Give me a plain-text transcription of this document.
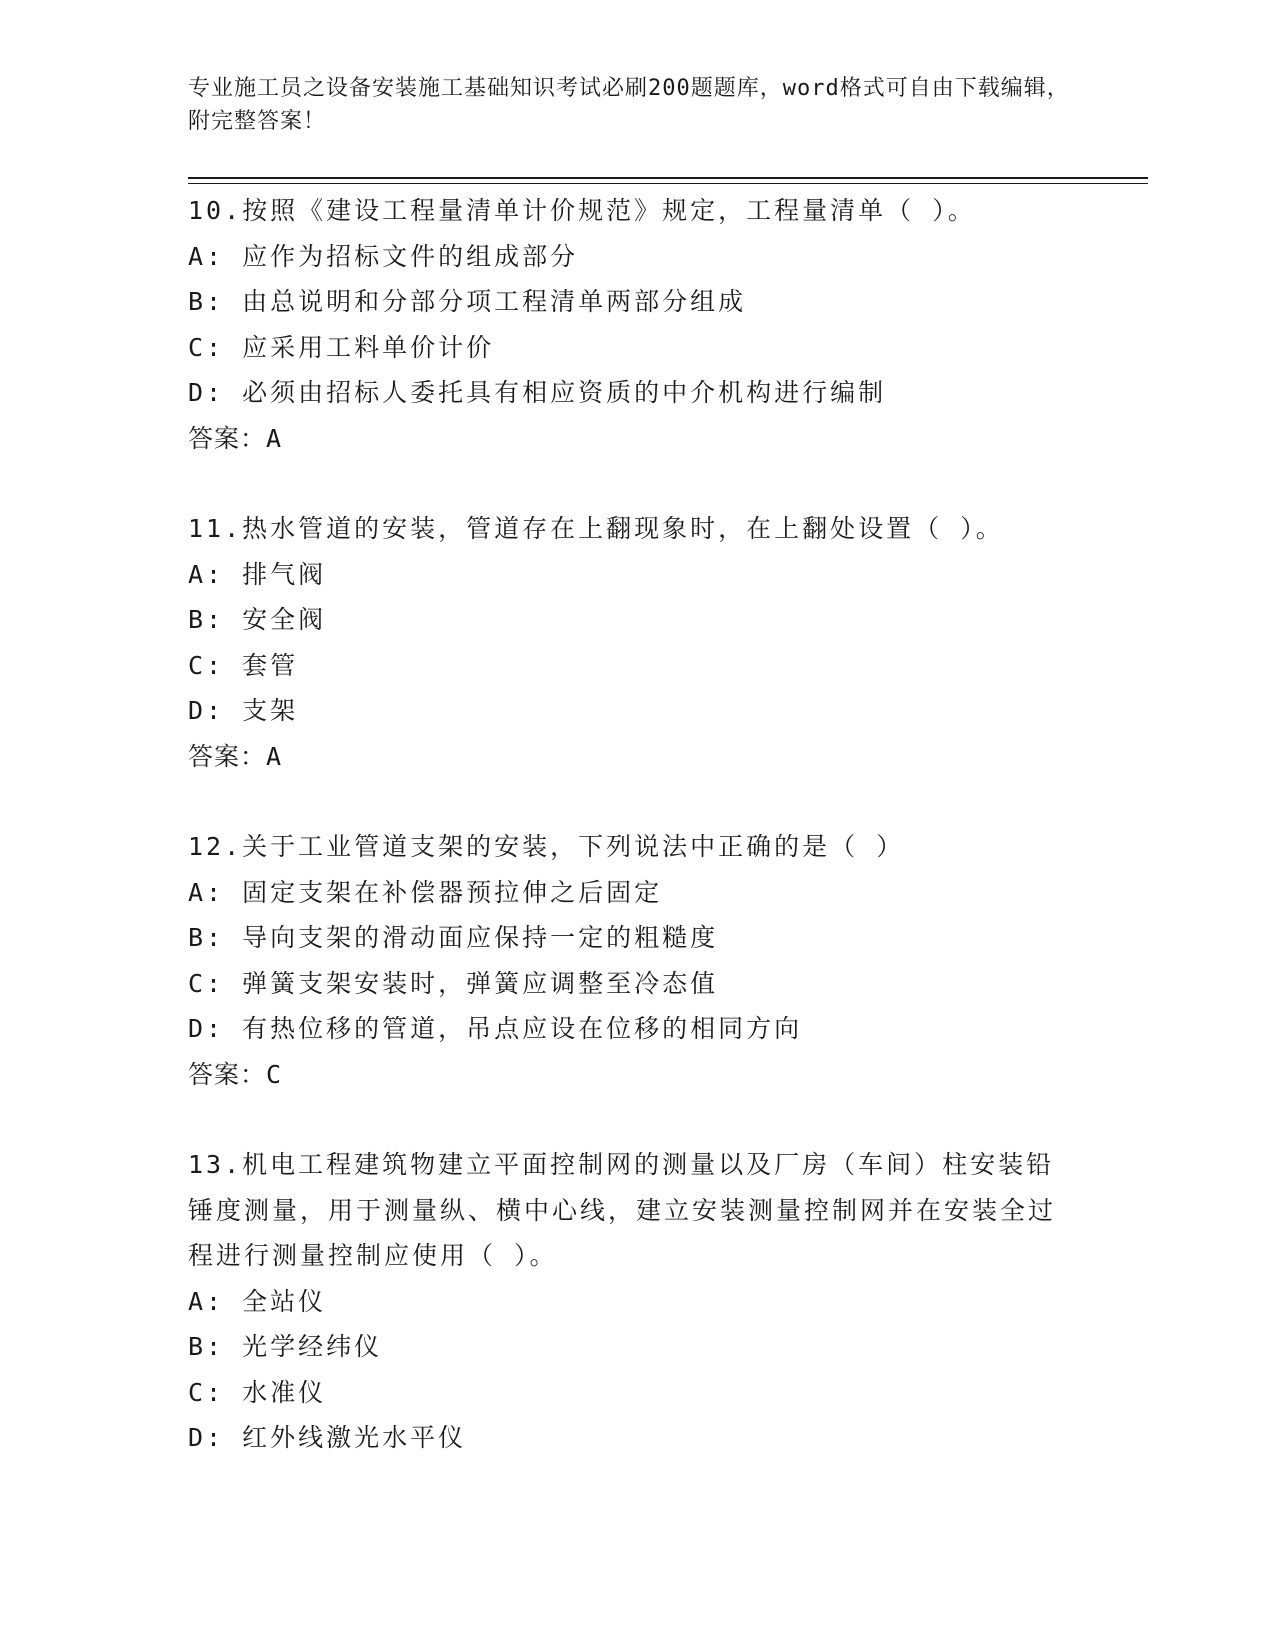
专业施工员之设备安装施工基础知识考试必刷200题题库，word格式可自由下载编辑，附完整答案！
10.按照《建设工程量清单计价规范》规定，工程量清单（ ）。
A: 应作为招标文件的组成部分
B: 由总说明和分部分项工程清单两部分组成
C: 应采用工料单价计价
D: 必须由招标人委托具有相应资质的中介机构进行编制
答案：A
11.热水管道的安装，管道存在上翻现象时，在上翻处设置（ ）。
A: 排气阀
B: 安全阀
C: 套管
D: 支架
答案：A
12.关于工业管道支架的安装，下列说法中正确的是（ ）
A: 固定支架在补偿器预拉伸之后固定
B: 导向支架的滑动面应保持一定的粗糙度
C: 弹簧支架安装时，弹簧应调整至冷态值
D: 有热位移的管道，吊点应设在位移的相同方向
答案：C
13.机电工程建筑物建立平面控制网的测量以及厂房（车间）柱安装铅锤度测量，用于测量纵、横中心线，建立安装测量控制网并在安装全过程进行测量控制应使用（ ）。
A: 全站仪
B: 光学经纬仪
C: 水准仪
D: 红外线激光水平仪
